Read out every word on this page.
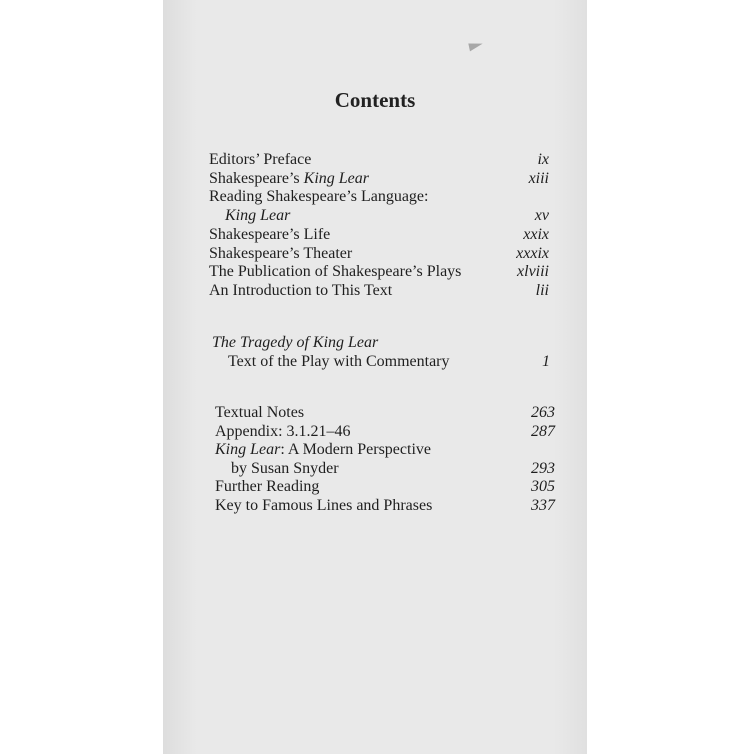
Contents
Editors’ Preface	ix
Shakespeare’s King Lear	xiii
Reading Shakespeare’s Language:
King Lear	xv
Shakespeare’s Life	xxix
Shakespeare’s Theater	xxxix
The Publication of Shakespeare’s Plays	xlviii
An Introduction to This Text	lii
The Tragedy of King Lear
Text of the Play with Commentary	1
Textual Notes	263
Appendix: 3.1.21–46	287
King Lear: A Modern Perspective
by Susan Snyder	293
Further Reading	305
Key to Famous Lines and Phrases	337
